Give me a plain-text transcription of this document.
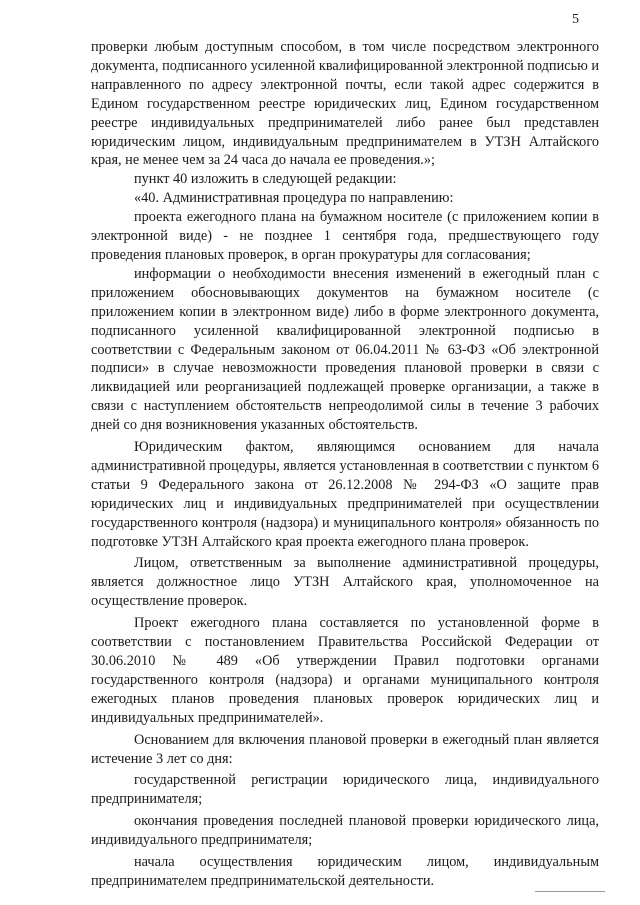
5

проверки любым доступным способом, в том числе посредством электронного документа, подписанного усиленной квалифицированной электронной подписью и направленного по адресу электронной почты, если такой адрес содержится в Едином государственном реестре юридических лиц, Едином государственном реестре индивидуальных предпринимателей либо ранее был представлен юридическим лицом, индивидуальным предпринимателем в УТЗН Алтайского края, не менее чем за 24 часа до начала ее проведения.»;

пункт 40 изложить в следующей редакции:

«40. Административная процедура по направлению:

проекта ежегодного плана на бумажном носителе (с приложением копии в электронной виде) - не позднее 1 сентября года, предшествующего году проведения плановых проверок, в орган прокуратуры для согласования;

информации о необходимости внесения изменений в ежегодный план с приложением обосновывающих документов на бумажном носителе (с приложением копии в электронном виде) либо в форме электронного документа, подписанного усиленной квалифицированной электронной подписью в соответствии с Федеральным законом от 06.04.2011 № 63-ФЗ «Об электронной подписи» в случае невозможности проведения плановой проверки в связи с ликвидацией или реорганизацией подлежащей проверке организации, а также в связи с наступлением обстоятельств непреодолимой силы в течение 3 рабочих дней со дня возникновения указанных обстоятельств.

Юридическим фактом, являющимся основанием для начала административной процедуры, является установленная в соответствии с пунктом 6 статьи 9 Федерального закона от 26.12.2008 № 294-ФЗ «О защите прав юридических лиц и индивидуальных предпринимателей при осуществлении государственного контроля (надзора) и муниципального контроля» обязанность по подготовке УТЗН Алтайского края проекта ежегодного плана проверок.

Лицом, ответственным за выполнение административной процедуры, является должностное лицо УТЗН Алтайского края, уполномоченное на осуществление проверок.

Проект ежегодного плана составляется по установленной форме в соответствии с постановлением Правительства Российской Федерации от 30.06.2010 № 489 «Об утверждении Правил подготовки органами государственного контроля (надзора) и органами муниципального контроля ежегодных планов проведения плановых проверок юридических лиц и индивидуальных предпринимателей».

Основанием для включения плановой проверки в ежегодный план является истечение 3 лет со дня:

государственной регистрации юридического лица, индивидуального предпринимателя;

окончания проведения последней плановой проверки юридического лица, индивидуального предпринимателя;

начала осуществления юридическим лицом, индивидуальным предпринимателем предпринимательской деятельности.
